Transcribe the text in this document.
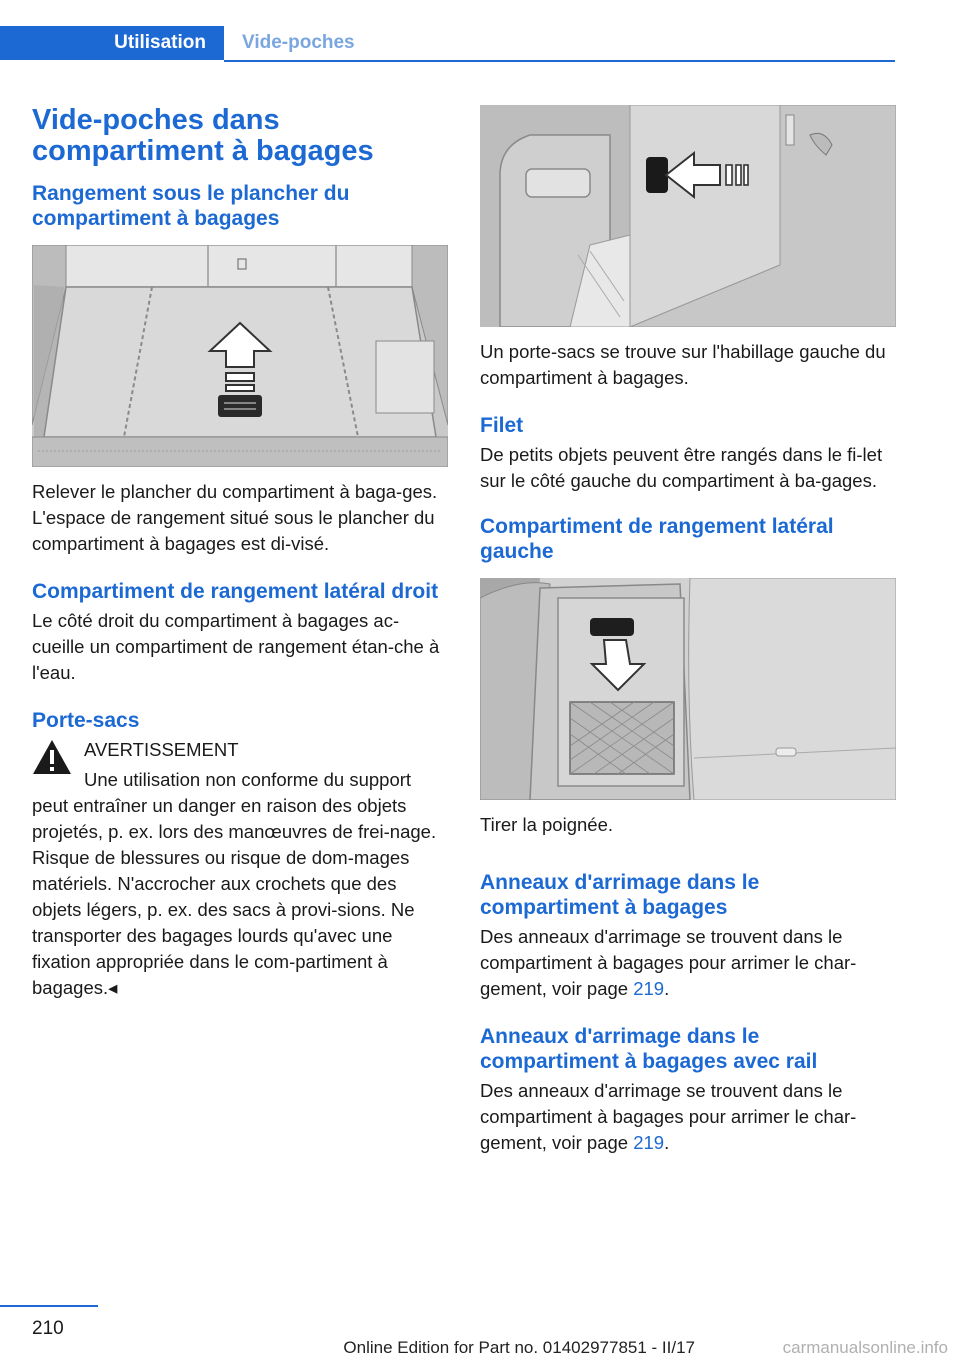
Utilisation Vide-poches
Vide-poches dans compartiment à bagages
Rangement sous le plancher du compartiment à bagages

Relever le plancher du compartiment à baga-ges. L'espace de rangement situé sous le plancher du compartiment à bagages est di-visé.

Compartiment de rangement latéral droit

Le côté droit du compartiment à bagages ac-cueille un compartiment de rangement étan-che à l'eau.

Porte-sacs

AVERTISSEMENT

Une utilisation non conforme du support peut entraîner un danger en raison des objets projetés, p. ex. lors des manœuvres de frei-nage. Risque de blessures ou risque de dom-mages matériels. N'accrocher aux crochets que des objets légers, p. ex. des sacs à provi-sions. Ne transporter des bagages lourds qu'avec une fixation appropriée dans le com-partiment à bagages.◂

Un porte-sacs se trouve sur l'habillage gauche du compartiment à bagages.

Filet

De petits objets peuvent être rangés dans le fi-let sur le côté gauche du compartiment à ba-gages.

Compartiment de rangement latéral gauche

Tirer la poignée.

Anneaux d'arrimage dans le compartiment à bagages

Des anneaux d'arrimage se trouvent dans le compartiment à bagages pour arrimer le char-gement, voir page 219.

Anneaux d'arrimage dans le compartiment à bagages avec rail

Des anneaux d'arrimage se trouvent dans le compartiment à bagages pour arrimer le char-gement, voir page 219.

210
Online Edition for Part no. 01402977851 - II/17	carmanualsonline.info
